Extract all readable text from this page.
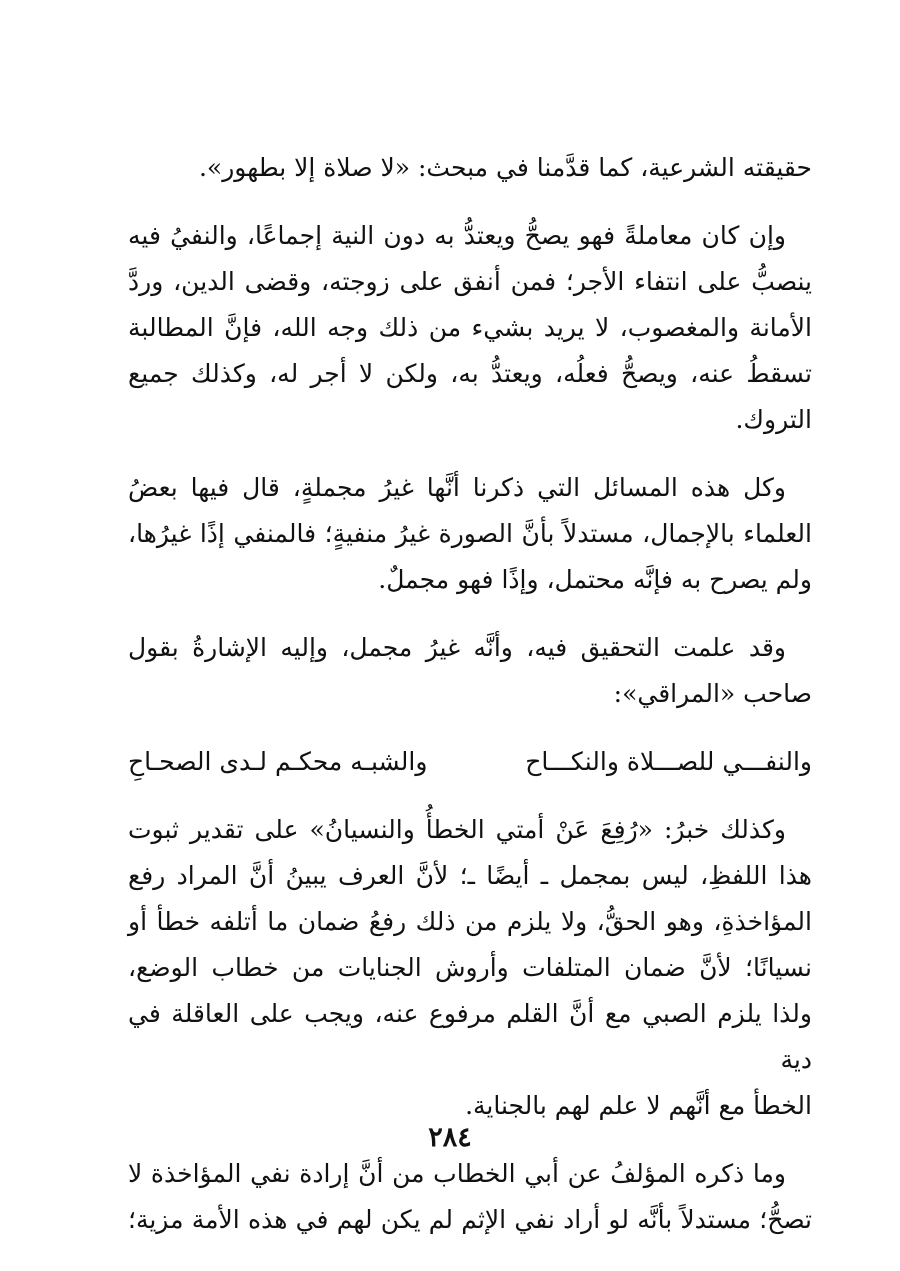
حقيقته الشرعية، كما قدَّمنا في مبحث: «لا صلاة إلا بطهور».

وإن كان معاملةً فهو يصحُّ ويعتدُّ به دون النية إجماعًا، والنفيُ فيه
ينصبُّ على انتفاء الأجر؛ فمن أنفق على زوجته، وقضى الدين، وردَّ
الأمانة والمغصوب، لا يريد بشيء من ذلك وجه الله، فإنَّ المطالبة
تسقطُ عنه، ويصحُّ فعلُه، ويعتدُّ به، ولكن لا أجر له، وكذلك جميع
التروك.

وكل هذه المسائل التي ذكرنا أنَّها غيرُ مجملةٍ، قال فيها بعضُ
العلماء بالإجمال، مستدلاً بأنَّ الصورة غيرُ منفيةٍ؛ فالمنفي إذًا غيرُها،
ولم يصرح به فإنَّه محتمل، وإذًا فهو مجملٌ.

وقد علمت التحقيق فيه، وأنَّه غيرُ مجمل، وإليه الإشارةُ بقول
صاحب «المراقي»:

والنفـــي للصـــلاة والنكـــاح
والشبـه محكـم لـدى الصحـاحِ

وكذلك خبرُ: «رُفِعَ عَنْ أمتي الخطأُ والنسيانُ» على تقدير ثبوت
هذا اللفظِ، ليس بمجمل ـ أيضًا ـ؛ لأنَّ العرف يبينُ أنَّ المراد رفع
المؤاخذةِ، وهو الحقُّ، ولا يلزم من ذلك رفعُ ضمان ما أتلفه خطأ أو
نسيانًا؛ لأنَّ ضمان المتلفات وأروش الجنايات من خطاب الوضع،
ولذا يلزم الصبي مع أنَّ القلم مرفوع عنه، ويجب على العاقلة في دية
الخطأ مع أنَّهم لا علم لهم بالجناية.

وما ذكره المؤلفُ عن أبي الخطاب من أنَّ إرادة نفي المؤاخذة لا
تصحُّ؛ مستدلاً بأنَّه لو أراد نفي الإثم لم يكن لهم في هذه الأمة مزية؛

٢٨٤
